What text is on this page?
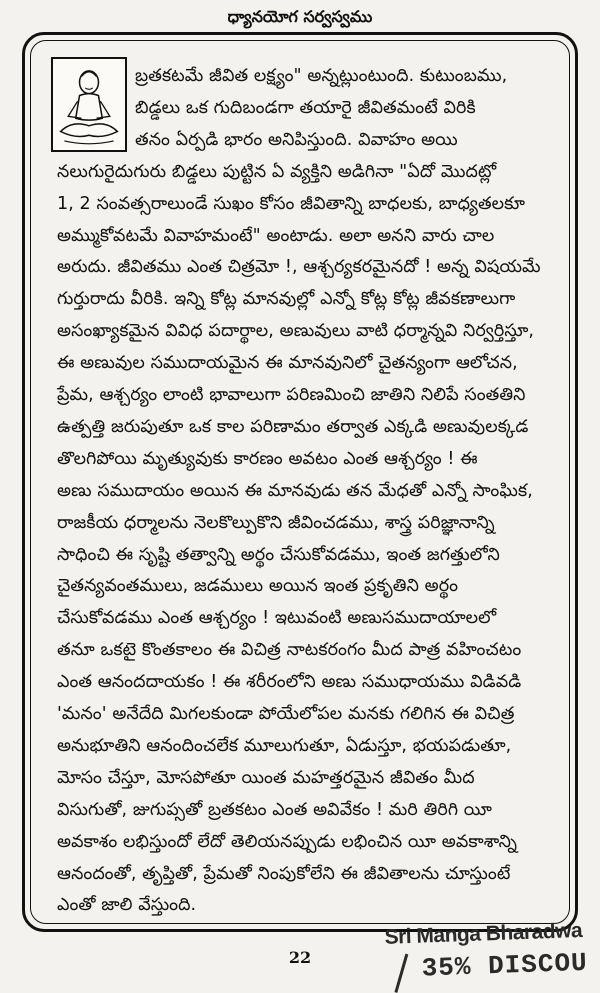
ధ్యానయోగ సర్వస్వము
బ్రతకటమే జీవిత లక్ష్యం" అన్నట్లుంటుంది. కుటుంబము,
బిడ్డలు ఒక గుదిబండగా తయారై జీవితమంటే విరికి
తనం ఏర్పడి భారం అనిపిస్తుంది. వివాహం అయి
నలుగురైదుగురు బిడ్డలు పుట్టిన ఏ వ్యక్తిని అడిగినా "ఏదో మొదట్లో
1, 2 సంవత్సరాలుండే సుఖం కోసం జీవితాన్ని బాధలకు, బాధ్యతలకూ
అమ్ముకోవటమే వివాహమంటే" అంటాడు. అలా అనని వారు చాల
అరుదు. జీవితము ఎంత చిత్రమో !, ఆశ్చర్యకరమైనదో ! అన్న విషయమే
గుర్తురాదు వీరికి. ఇన్ని కోట్ల మానవుల్లో ఎన్నో కోట్ల కోట్ల జీవకణాలుగా
అసంఖ్యాకమైన వివిధ పదార్థాల, అణువులు వాటి ధర్మాన్నవి నిర్వర్తిస్తూ,
ఈ అణువుల సముదాయమైన ఈ మానవునిలో చైతన్యంగా ఆలోచన,
ప్రేమ, ఆశ్చర్యం లాంటి భావాలుగా పరిణమించి జాతిని నిలిపే సంతతిని
ఉత్పత్తి జరుపుతూ ఒక కాల పరిణామం తర్వాత ఎక్కడి అణువులక్కడ
తొలగిపోయి మృత్యువుకు కారణం అవటం ఎంత ఆశ్చర్యం ! ఈ
అణు సముదాయం అయిన ఈ మానవుడు తన మేధతో ఎన్నో సాంఘిక,
రాజకీయ ధర్మాలను నెలకొల్పుకొని జీవించడము, శాస్త్ర పరిజ్ఞానాన్ని
సాధించి ఈ సృష్టి తత్వాన్ని అర్థం చేసుకోవడము, ఇంత జగత్తులోని
చైతన్యవంతములు, జడములు అయిన ఇంత ప్రకృతిని అర్థం
చేసుకోవడము ఎంత ఆశ్చర్యం ! ఇటువంటి అణుసముదాయాలలో
తనూ ఒకటై కొంతకాలం ఈ విచిత్ర నాటకరంగం మీద పాత్ర వహించటం
ఎంత ఆనందదాయకం ! ఈ శరీరంలోని అణు సముధాయము విడివడి
'మనం' అనేదేది మిగలకుండా పోయేలోపల మనకు గలిగిన ఈ విచిత్ర
అనుభూతిని ఆనందించలేక మూలుగుతూ, ఏడుస్తూ, భయపడుతూ,
మోసం చేస్తూ, మోసపోతూ యింత మహత్తరమైన జీవితం మీద
విసుగుతో, జుగుప్సతో బ్రతకటం ఎంత అవివేకం ! మరి తిరిగి యీ
అవకాశం లభిస్తుందో లేదో తెలియనప్పుడు లభించిన యీ అవకాశాన్ని
ఆనందంతో, తృప్తితో, ప్రేమతో నింపుకోలేని ఈ జీవితాలను చూస్తుంటే
ఎంతో జాలి వేస్తుంది.
22
Sri Manga Bharadwa
35% DISCOU
